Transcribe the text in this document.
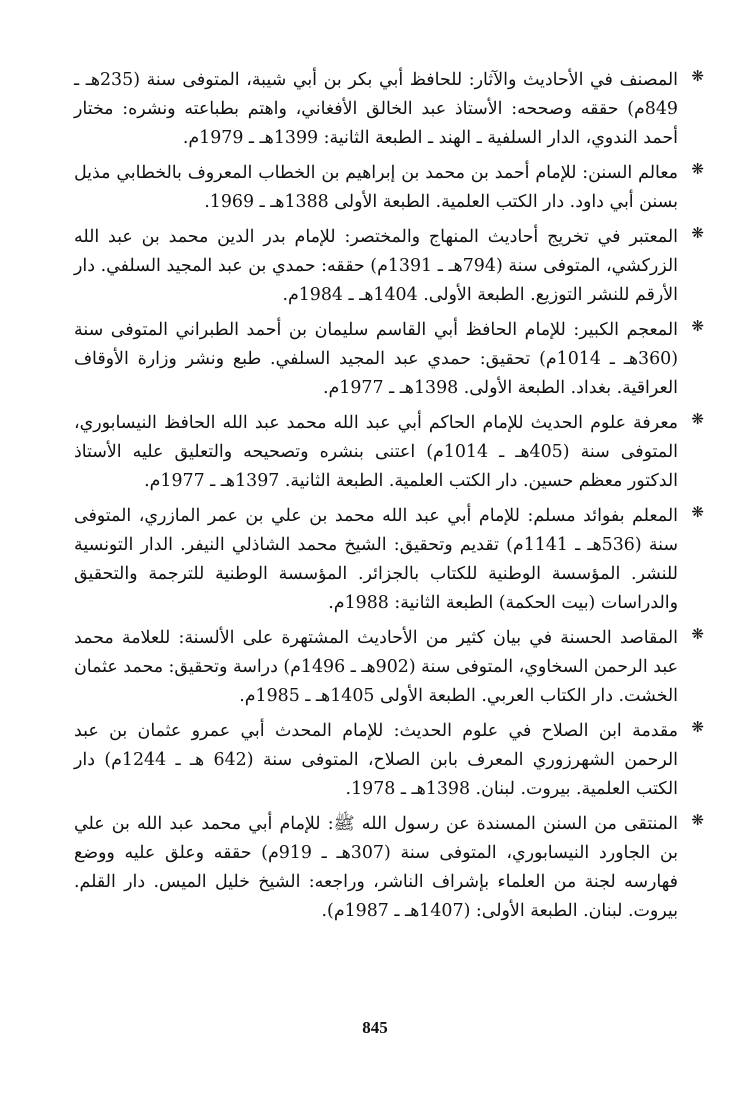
❋
المصنف في الأحاديث والآثار: للحافظ أبي بكر بن أبي شيبة، المتوفى سنة (235هـ ـ 849م) حققه وصححه: الأستاذ عبد الخالق الأفغاني، واهتم بطباعته ونشره: مختار أحمد الندوي، الدار السلفية ـ الهند ـ الطبعة الثانية: 1399هـ ـ 1979م.
❋
معالم السنن: للإمام أحمد بن محمد بن إبراهيم بن الخطاب المعروف بالخطابي مذيل بسنن أبي داود. دار الكتب العلمية. الطبعة الأولى 1388هـ ـ 1969.
❋
المعتبر في تخريج أحاديث المنهاج والمختصر: للإمام بدر الدين محمد بن عبد الله الزركشي، المتوفى سنة (794هـ ـ 1391م) حققه: حمدي بن عبد المجيد السلفي. دار الأرقم للنشر التوزيع. الطبعة الأولى. 1404هـ ـ 1984م.
❋
المعجم الكبير: للإمام الحافظ أبي القاسم سليمان بن أحمد الطبراني المتوفى سنة (360هـ ـ 1014م) تحقيق: حمدي عبد المجيد السلفي. طبع ونشر وزارة الأوقاف العراقية. بغداد. الطبعة الأولى. 1398هـ ـ 1977م.
❋
معرفة علوم الحديث للإمام الحاكم أبي عبد الله محمد عبد الله الحافظ النيسابوري، المتوفى سنة (405هـ ـ 1014م) اعتنى بنشره وتصحيحه والتعليق عليه الأستاذ الدكتور معظم حسين. دار الكتب العلمية. الطبعة الثانية. 1397هـ ـ 1977م.
❋
المعلم بفوائد مسلم: للإمام أبي عبد الله محمد بن علي بن عمر المازري، المتوفى سنة (536هـ ـ 1141م) تقديم وتحقيق: الشيخ محمد الشاذلي النيفر. الدار التونسية للنشر. المؤسسة الوطنية للكتاب بالجزائر. المؤسسة الوطنية للترجمة والتحقيق والدراسات (بيت الحكمة) الطبعة الثانية: 1988م.
❋
المقاصد الحسنة في بيان كثير من الأحاديث المشتهرة على الألسنة: للعلامة محمد عبد الرحمن السخاوي، المتوفى سنة (902هـ ـ 1496م) دراسة وتحقيق: محمد عثمان الخشت. دار الكتاب العربي. الطبعة الأولى 1405هـ ـ 1985م.
❋
مقدمة ابن الصلاح في علوم الحديث: للإمام المحدث أبي عمرو عثمان بن عبد الرحمن الشهرزوري المعرف بابن الصلاح، المتوفى سنة (642 هـ ـ 1244م) دار الكتب العلمية. بيروت. لبنان. 1398هـ ـ 1978.
❋
المنتقى من السنن المسندة عن رسول الله ﷺ: للإمام أبي محمد عبد الله بن علي بن الجاورد النيسابوري، المتوفى سنة (307هـ ـ 919م) حققه وعلق عليه ووضع فهارسه لجنة من العلماء بإشراف الناشر، وراجعه: الشيخ خليل الميس. دار القلم. بيروت. لبنان. الطبعة الأولى: (1407هـ ـ 1987م).
845
